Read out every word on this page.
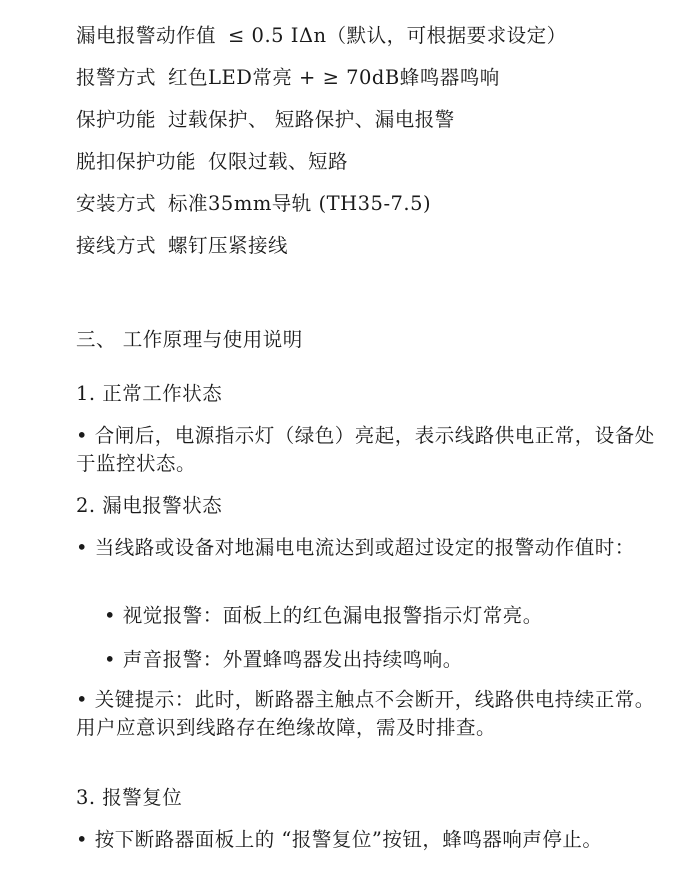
漏电报警动作值 ≤ 0.5 IΔn（默认，可根据要求设定）
报警方式 红色LED常亮 + ≥ 70dB蜂鸣器鸣响
保护功能 过载保护、 短路保护、漏电报警
脱扣保护功能 仅限过载、短路
安装方式 标准35mm导轨 (TH35-7.5)
接线方式 螺钉压紧接线
三、 工作原理与使用说明
1. 正常工作状态
• 合闸后，电源指示灯（绿色）亮起，表示线路供电正常，设备处于监控状态。
2. 漏电报警状态
• 当线路或设备对地漏电电流达到或超过设定的报警动作值时：
• 视觉报警：面板上的红色漏电报警指示灯常亮。
• 声音报警：外置蜂鸣器发出持续鸣响。
• 关键提示：此时，断路器主触点不会断开，线路供电持续正常。用户应意识到线路存在绝缘故障，需及时排查。
3. 报警复位
• 按下断路器面板上的 “报警复位”按钮，蜂鸣器响声停止。
